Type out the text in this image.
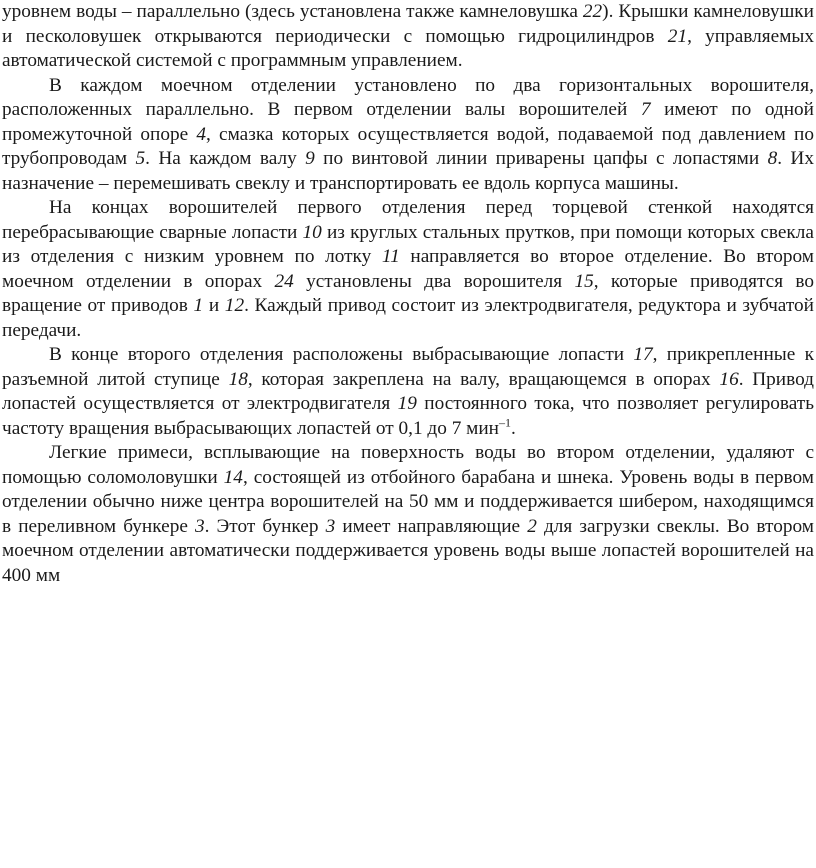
уровнем воды – параллельно (здесь установлена также камнеловушка 22). Крышки камнеловушки и песколовушек открываются периодически с помощью гидроцилиндров 21, управляемых автоматической системой с программным управлением.

В каждом моечном отделении установлено по два горизонтальных ворошителя, расположенных параллельно. В первом отделении валы ворошителей 7 имеют по одной промежуточной опоре 4, смазка которых осуществляется водой, подаваемой под давлением по трубопроводам 5. На каждом валу 9 по винтовой линии приварены цапфы с лопастями 8. Их назначение – перемешивать свеклу и транспортировать ее вдоль корпуса машины.

На концах ворошителей первого отделения перед торцевой стенкой находятся перебрасывающие сварные лопасти 10 из круглых стальных прутков, при помощи которых свекла из отделения с низким уровнем по лотку 11 направляется во второе отделение. Во втором моечном отделении в опорах 24 установлены два ворошителя 15, которые приводятся во вращение от приводов 1 и 12. Каждый привод состоит из электродвигателя, редуктора и зубчатой передачи.

В конце второго отделения расположены выбрасывающие лопасти 17, прикрепленные к разъемной литой ступице 18, которая закреплена на валу, вращающемся в опорах 16. Привод лопастей осуществляется от электродвигателя 19 постоянного тока, что позволяет регулировать частоту вращения выбрасывающих лопастей от 0,1 до 7 мин$^{-1}$.

Легкие примеси, всплывающие на поверхность воды во втором отделении, удаляют с помощью соломоловушки 14, состоящей из отбойного барабана и шнека. Уровень воды в первом отделении обычно ниже центра ворошителей на 50 мм и поддерживается шибером, находящимся в переливном бункере 3. Этот бункер 3 имеет направляющие 2 для загрузки свеклы. Во втором моечном отделении автоматически поддерживается уровень воды выше лопастей ворошителей на 400 мм
